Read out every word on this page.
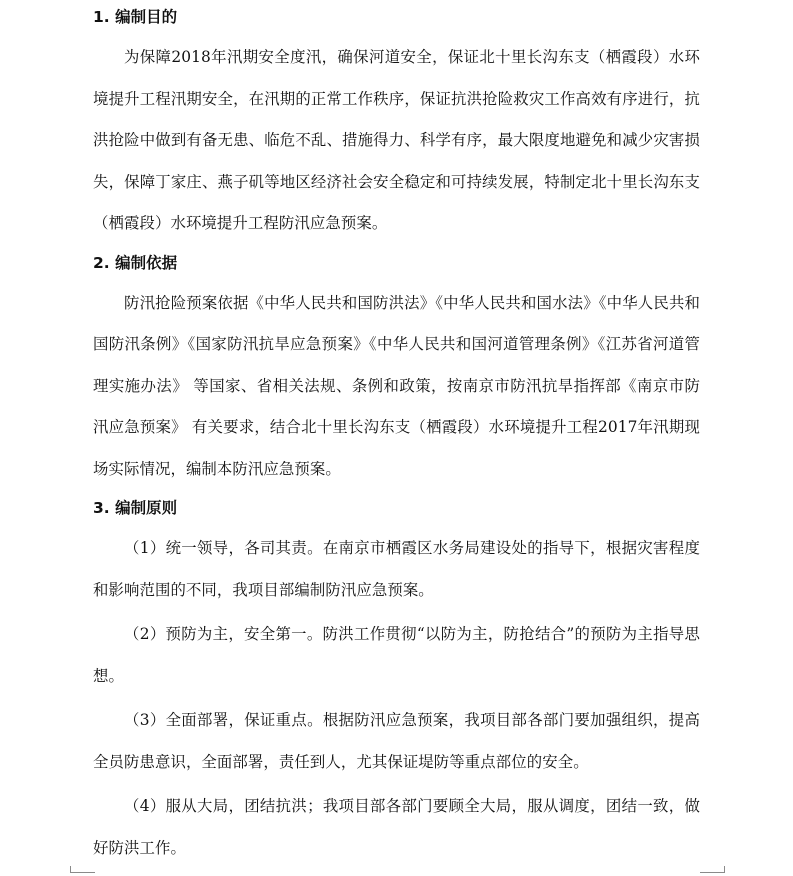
1. 编制目的

为保障2018年汛期安全度汛，确保河道安全，保证北十里长沟东支（栖霞段）水环境提升工程汛期安全，在汛期的正常工作秩序，保证抗洪抢险救灾工作高效有序进行，抗洪抢险中做到有备无患、临危不乱、措施得力、科学有序，最大限度地避免和减少灾害损失，保障丁家庄、燕子矶等地区经济社会安全稳定和可持续发展，特制定北十里长沟东支（栖霞段）水环境提升工程防汛应急预案。

2. 编制依据

防汛抢险预案依据《中华人民共和国防洪法》《中华人民共和国水法》《中华人民共和国防汛条例》《国家防汛抗旱应急预案》《中华人民共和国河道管理条例》《江苏省河道管理实施办法》 等国家、省相关法规、条例和政策，按南京市防汛抗旱指挥部《南京市防汛应急预案》 有关要求，结合北十里长沟东支（栖霞段）水环境提升工程2017年汛期现场实际情况，编制本防汛应急预案。

3. 编制原则

（1）统一领导，各司其责。在南京市栖霞区水务局建设处的指导下，根据灾害程度和影响范围的不同，我项目部编制防汛应急预案。

（2）预防为主，安全第一。防洪工作贯彻“以防为主，防抢结合”的预防为主指导思想。

（3）全面部署，保证重点。根据防汛应急预案，我项目部各部门要加强组织，提高全员防患意识，全面部署，责任到人，尤其保证堤防等重点部位的安全。

（4）服从大局，团结抗洪；我项目部各部门要顾全大局，服从调度，团结一致，做好防洪工作。
